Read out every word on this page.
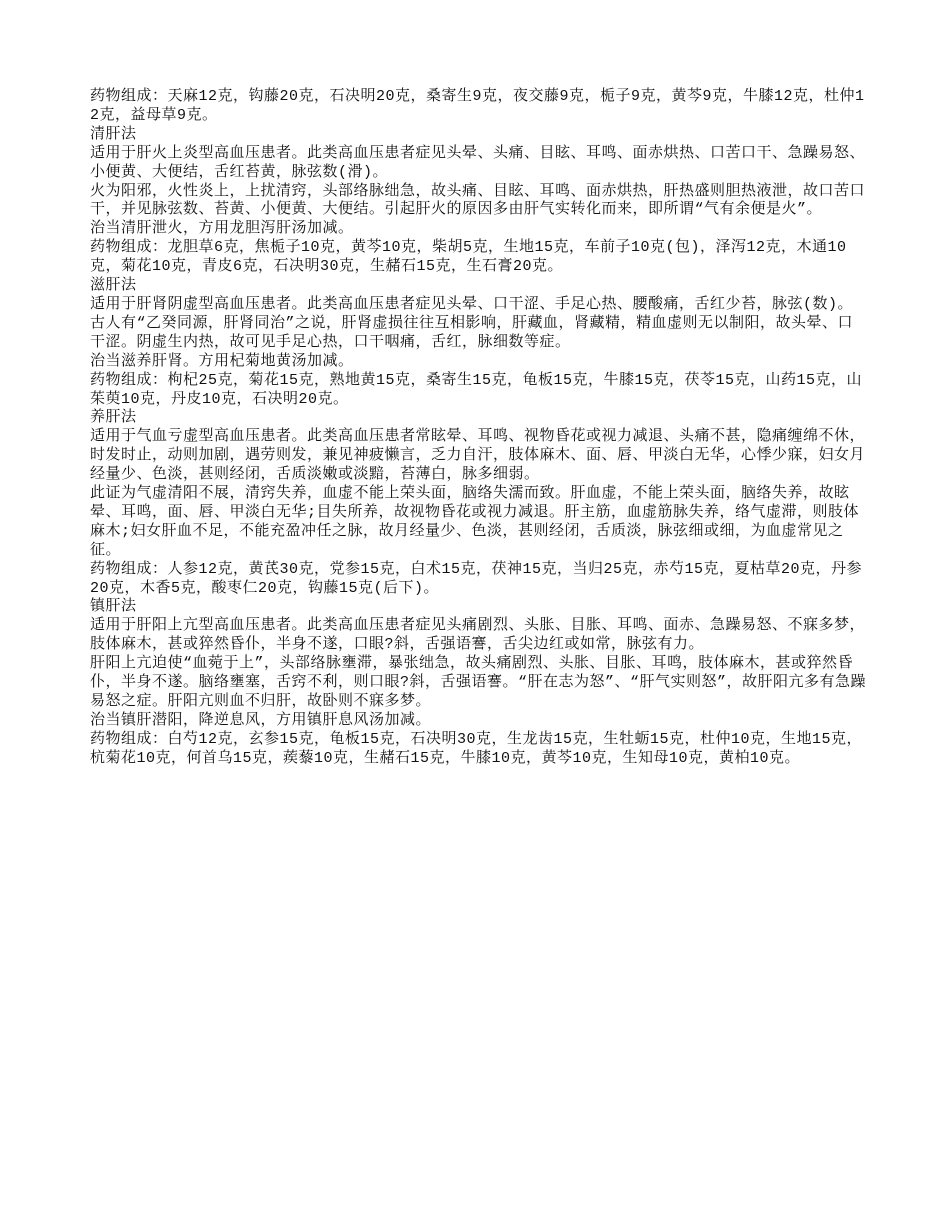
药物组成：天麻12克，钩藤20克，石决明20克，桑寄生9克，夜交藤9克，栀子9克，黄芩9克，牛膝12克，杜仲12克，益母草9克。

清肝法

适用于肝火上炎型高血压患者。此类高血压患者症见头晕、头痛、目眩、耳鸣、面赤烘热、口苦口干、急躁易怒、小便黄、大便结，舌红苔黄，脉弦数(滑)。

火为阳邪，火性炎上，上扰清窍，头部络脉绌急，故头痛、目眩、耳鸣、面赤烘热，肝热盛则胆热液泄，故口苦口干，并见脉弦数、苔黄、小便黄、大便结。引起肝火的原因多由肝气实转化而来，即所谓“气有余便是火”。

治当清肝泄火，方用龙胆泻肝汤加减。

药物组成：龙胆草6克，焦栀子10克，黄芩10克，柴胡5克，生地15克，车前子10克(包)，泽泻12克，木通10克，菊花10克，青皮6克，石决明30克，生赭石15克，生石膏20克。

滋肝法

适用于肝肾阴虚型高血压患者。此类高血压患者症见头晕、口干涩、手足心热、腰酸痛，舌红少苔，脉弦(数)。

古人有“乙癸同源，肝肾同治”之说，肝肾虚损往往互相影响，肝藏血，肾藏精，精血虚则无以制阳，故头晕、口干涩。阴虚生内热，故可见手足心热，口干咽痛，舌红，脉细数等症。

治当滋养肝肾。方用杞菊地黄汤加减。

药物组成：枸杞25克，菊花15克，熟地黄15克，桑寄生15克，龟板15克，牛膝15克，茯苓15克，山药15克，山茱萸10克，丹皮10克，石决明20克。

养肝法

适用于气血亏虚型高血压患者。此类高血压患者常眩晕、耳鸣、视物昏花或视力减退、头痛不甚，隐痛缠绵不休，时发时止，动则加剧，遇劳则发，兼见神疲懒言，乏力自汗，肢体麻木、面、唇、甲淡白无华，心悸少寐，妇女月经量少、色淡，甚则经闭，舌质淡嫩或淡黯，苔薄白，脉多细弱。

此证为气虚清阳不展，清窍失养，血虚不能上荣头面，脑络失濡而致。肝血虚，不能上荣头面，脑络失养，故眩晕、耳鸣，面、唇、甲淡白无华;目失所养，故视物昏花或视力减退。肝主筋，血虚筋脉失养，络气虚滞，则肢体麻木;妇女肝血不足，不能充盈冲任之脉，故月经量少、色淡，甚则经闭，舌质淡，脉弦细或细，为血虚常见之征。

药物组成：人参12克，黄芪30克，党参15克，白术15克，茯神15克，当归25克，赤芍15克，夏枯草20克，丹参20克，木香5克，酸枣仁20克，钩藤15克(后下)。

镇肝法

适用于肝阳上亢型高血压患者。此类高血压患者症见头痛剧烈、头胀、目胀、耳鸣、面赤、急躁易怒、不寐多梦，肢体麻木，甚或猝然昏仆，半身不遂，口眼?斜，舌强语謇，舌尖边红或如常，脉弦有力。

肝阳上亢迫使“血菀于上”，头部络脉壅滞，暴张绌急，故头痛剧烈、头胀、目胀、耳鸣，肢体麻木，甚或猝然昏仆，半身不遂。脑络壅塞，舌窍不利，则口眼?斜，舌强语謇。“肝在志为怒”、“肝气实则怒”，故肝阳亢多有急躁易怒之症。肝阳亢则血不归肝，故卧则不寐多梦。

治当镇肝潜阳，降逆息风，方用镇肝息风汤加减。

药物组成：白芍12克，玄参15克，龟板15克，石决明30克，生龙齿15克，生牡蛎15克，杜仲10克，生地15克，杭菊花10克，何首乌15克，蒺藜10克，生赭石15克，牛膝10克，黄芩10克，生知母10克，黄柏10克。
